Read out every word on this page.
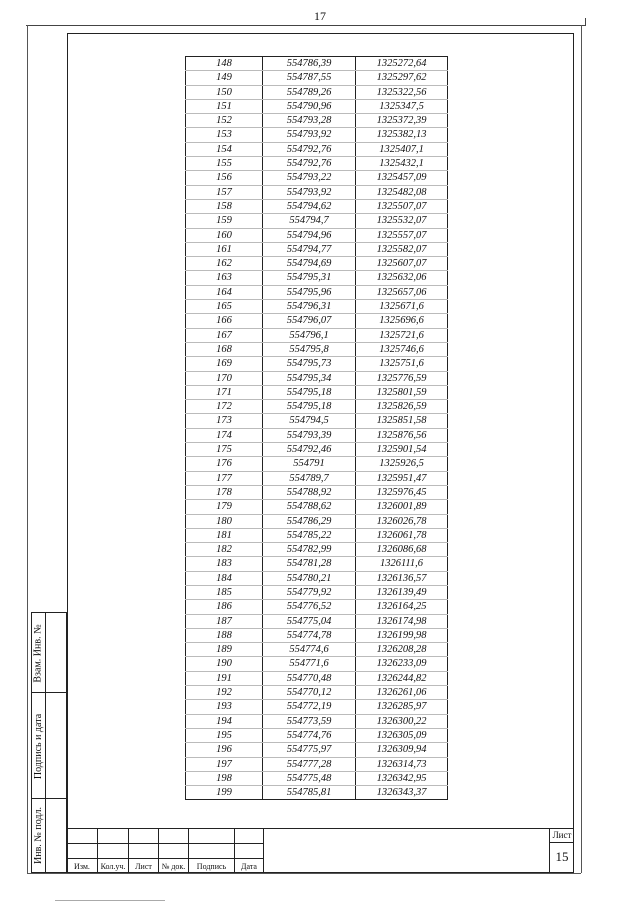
17
148	554786,39	1325272,64
149	554787,55	1325297,62
150	554789,26	1325322,56
151	554790,96	1325347,5
152	554793,28	1325372,39
153	554793,92	1325382,13
154	554792,76	1325407,1
155	554792,76	1325432,1
156	554793,22	1325457,09
157	554793,92	1325482,08
158	554794,62	1325507,07
159	554794,7	1325532,07
160	554794,96	1325557,07
161	554794,77	1325582,07
162	554794,69	1325607,07
163	554795,31	1325632,06
164	554795,96	1325657,06
165	554796,31	1325671,6
166	554796,07	1325696,6
167	554796,1	1325721,6
168	554795,8	1325746,6
169	554795,73	1325751,6
170	554795,34	1325776,59
171	554795,18	1325801,59
172	554795,18	1325826,59
173	554794,5	1325851,58
174	554793,39	1325876,56
175	554792,46	1325901,54
176	554791	1325926,5
177	554789,7	1325951,47
178	554788,92	1325976,45
179	554788,62	1326001,89
180	554786,29	1326026,78
181	554785,22	1326061,78
182	554782,99	1326086,68
183	554781,28	1326111,6
184	554780,21	1326136,57
185	554779,92	1326139,49
186	554776,52	1326164,25
187	554775,04	1326174,98
188	554774,78	1326199,98
189	554774,6	1326208,28
190	554771,6	1326233,09
191	554770,48	1326244,82
192	554770,12	1326261,06
193	554772,19	1326285,97
194	554773,59	1326300,22
195	554774,76	1326305,09
196	554775,97	1326309,94
197	554777,28	1326314,73
198	554775,48	1326342,95
199	554785,81	1326343,37
Взам. Инв. №
Подпись и дата
Инв. № подл.

Изм.	Кол.уч.	Лист	№ док.	Подпись	Дата
Лист
15
